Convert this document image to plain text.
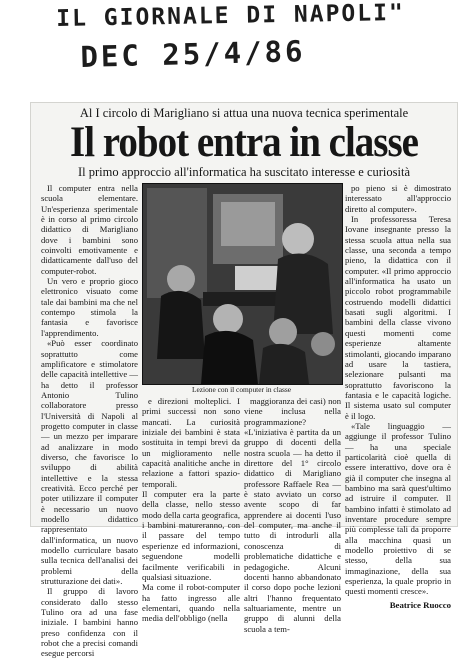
IL GIORNALE DI NAPOLI"
DEC 25/4/86
Al I circolo di Marigliano si attua una nuova tecnica sperimentale
Il robot entra in classe
Il primo approccio all'informatica ha suscitato interesse e curiosità

Il computer entra nella scuola elementare. Un'esperienza sperimentale è in corso al primo circolo didattico di Marigliano dove i bambini sono coinvolti emotivamente e didatticamente dall'uso del computer-robot.

Un vero e proprio gioco elettronico visuato come tale dai bambini ma che nel contempo stimola la fantasia e favorisce l'apprendimento.

«Può esser coordinato soprattutto come amplificatore e stimolatore delle capacità intellettive — ha detto il professor Antonio Tulino collaboratore presso l'Università di Napoli al progetto computer in classe — un mezzo per imparare ad analizzare in modo diverso, che favorisce lo sviluppo di abilità intellettive e la stessa creatività. Ecco perché per poter utilizzare il computer è necessario un nuovo modello didattico rappresentato dall'informatica, un nuovo modello curriculare basato sulla tecnica dell'analisi dei problemi della strutturazione dei dati».

Il gruppo di lavoro considerato dallo stesso Tulino ora ad una fase iniziale. I bambini hanno preso confidenza con il robot che a precisi comandi esegue percorsi

Lezione con il computer in classe

e direzioni molteplici. I primi successi non sono mancati. La curiosità iniziale dei bambini è stata sostituita in tempi brevi da un miglioramento nelle capacità analitiche anche in relazione a fattori spazio-temporali.
Il computer era la parte della classe, nello stesso modo della carta geografica, i bambini matureranno, con il passare del tempo esperienze ed informazioni, seguendone modelli facilmente verificabili in qualsiasi situazione.
Ma come il robot-computer ha fatto ingresso alle elementari, quando nella media dell'obbligo (nella

maggioranza dei casi) non viene inclusa nella programmazione?
«L'iniziativa è partita da un gruppo di docenti della nostra scuola — ha detto il direttore del 1° circolo didattico di Marigliano professore Raffaele Rea — è stato avviato un corso avente scopo di far apprendere ai docenti l'uso del computer, ma anche il tutto di introdurli alla conoscenza di problematiche didattiche e pedagogiche. Alcuni docenti hanno abbandonato il corso dopo poche lezioni altri l'hanno frequentato saltuariamente, mentre un gruppo di alunni della scuola a tem-

po pieno si è dimostrato interessato all'approccio diretto al computer».

In professoressa Teresa Iovane insegnante presso la stessa scuola attua nella sua classe, una seconda a tempo pieno, la didattica con il computer. «Il primo approccio all'informatica ha usato un piccolo robot programmabile costruendo modelli didattici basati sugli algoritmi. I bambini della classe vivono questi momenti come esperienze altamente stimolanti, giocando imparano ad usare la tastiera, selezionare pulsanti ma soprattutto favoriscono la fantasia e le capacità logiche. Il sistema usato sul computer è il logo.

«Tale linguaggio — aggiunge il professor Tulino — ha una speciale particolarità cioè quella di essere interattivo, dove ora è già il computer che insegna al bambino ma sarà quest'ultimo ad istruire il computer. Il bambino infatti è stimolato ad inventare procedure sempre più complesse tali da proporre alla macchina quasi un modello proiettivo di se stesso, della sua immaginazione, della sua esperienza, la quale proprio in questi momenti cresce».

Beatrice Ruocco
